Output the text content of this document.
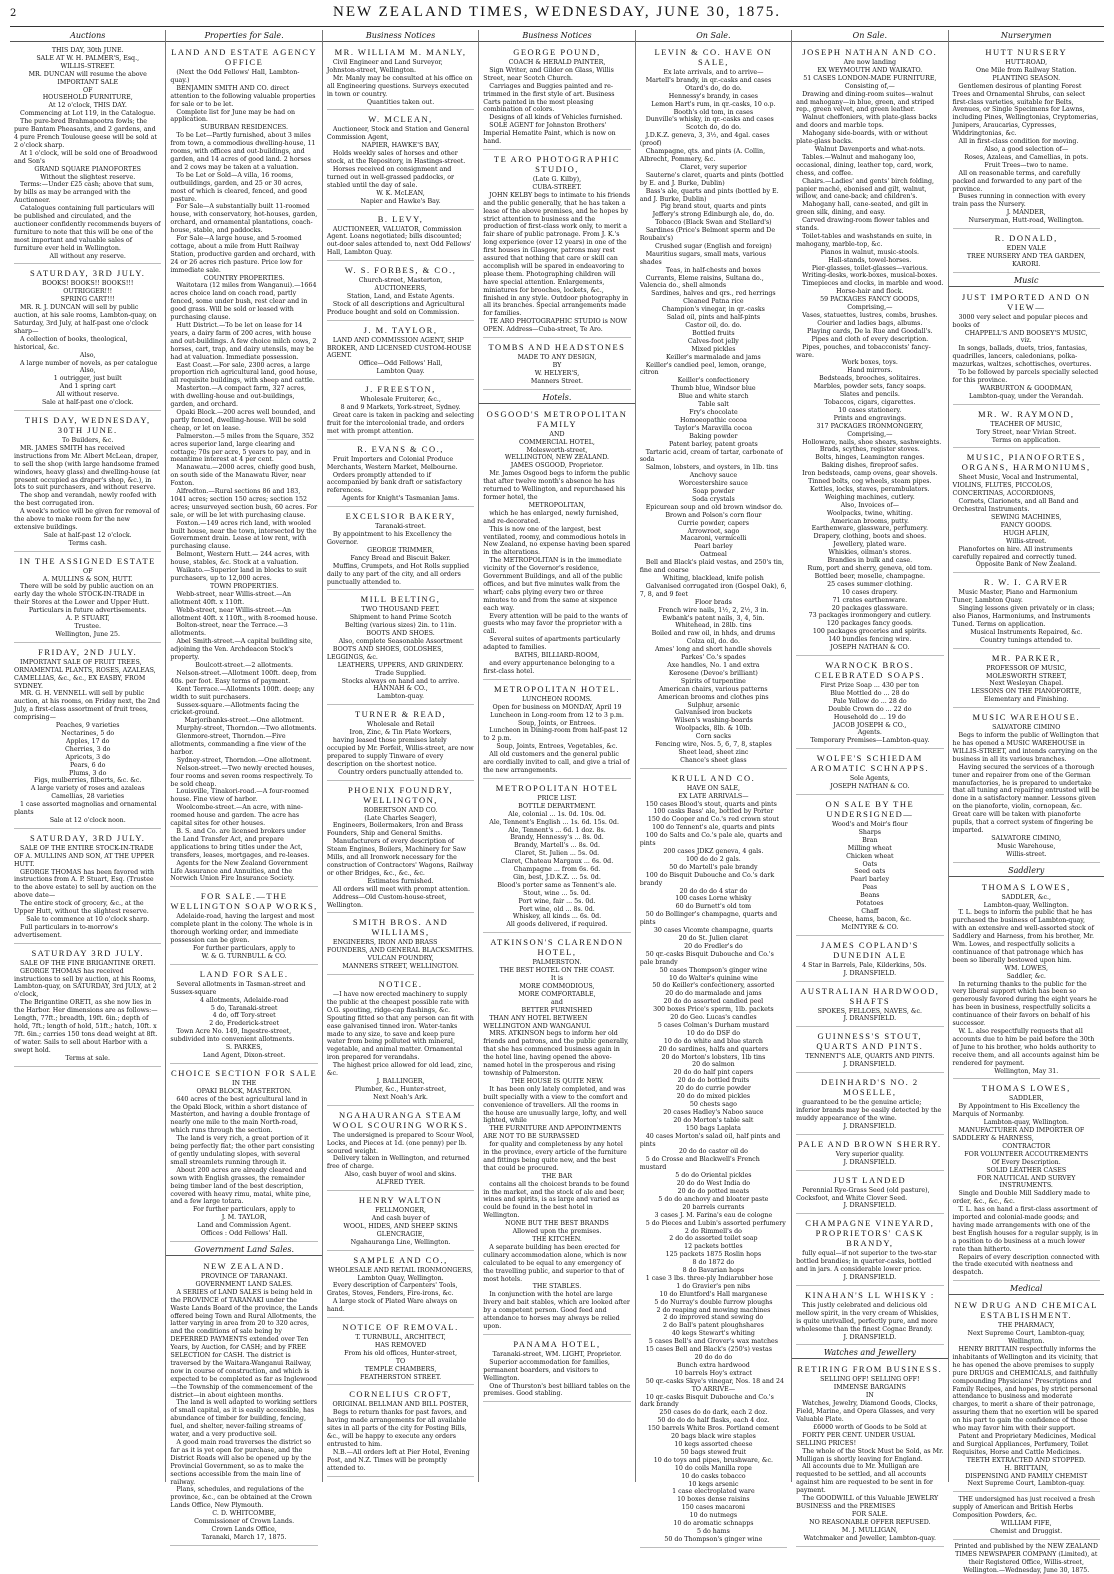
2	NEW ZEALAND TIMES, WEDNESDAY, JUNE 30, 1875.
Auctions
THIS DAY, 30th JUNE.
SALE AT W. H. PALMER'S, Esq.,
WILLIS-STREET.
MR. DUNCAN will resume the above
IMPORTANT SALE
OF
HOUSEHOLD FURNITURE,
At 12 o'clock, THIS DAY.
Commencing at Lot 119, in the Catalogue.
The pure-bred Brahmapootra fowls; the pure Bantam Pheasants, and 2 gardens, and 4 pure French Toulouse geese will be sold at 2 o'clock sharp.
At 1 o'clock, will be sold one of Broadwood and Son's
GRAND SQUARE PIANOFORTES
Without the slightest reserve.
Terms:—Under £25 cash; above that sum, by bills as may be arranged with the Auctioneer.
Catalogues containing full particulars will be published and circulated, and the auctioneer confidently recommends buyers of furniture to note that this will be one of the most important and valuable sales of furniture ever held in Wellington.
All without any reserve.
SATURDAY, 3RD JULY.
BOOKS! BOOKS!! BOOKS!!!
OUTRIGGER!!!
SPRING CART!!!
MR. R. J. DUNCAN will sell by public auction, at his sale rooms, Lambton-quay, on Saturday, 3rd July, at half-past one o'clock sharp—
A collection of books, theological, historical, &c.
Also,
A large number of novels, as per catalogue
Also,
1 outrigger, just built
And 1 spring cart
All without reserve.
Sale at half-past one o'clock.
THIS DAY, WEDNESDAY, 30TH JUNE.
To Builders, &c.
MR. JAMES SMITH has received instructions from Mr. Albert McLean, draper, to sell the shop (with large handsome framed windows, heavy glass) and dwelling-house (at present occupied as draper's shop, &c.), in lots to suit purchasers, and without reserve.
The shop and verandah, newly roofed with the best corrugated iron.
A week's notice will be given for removal of the above to make room for the new extensive buildings.
Sale at half-past 12 o'clock.
Terms cash.
IN THE ASSIGNED ESTATE
OF
A. MULLINS & SON, HUTT.
There will be sold by public auction on an early day the whole STOCK-IN-TRADE in their Stores at the Lower and Upper Hutt.
Particulars in future advertisements.
A. P. STUART,
Trustee.
Wellington, June 25.
FRIDAY, 2ND JULY.
IMPORTANT SALE OF FRUIT TREES, ORNAMENTAL PLANTS, ROSES, AZALEAS, CAMELLIAS, &c., &c., EX EASBY, FROM SYDNEY.
MR. G. H. VENNELL will sell by public auction, at his rooms, on Friday next, the 2nd July, a first-class assortment of fruit trees, comprising—
Peaches, 9 varieties
Nectarines, 5 do
Apples, 17 do
Cherries, 3 do
Apricots, 3 do
Pears, 6 do
Plums, 3 do
Figs, mulberries, filberts, &c. &c.
A large variety of roses and azaleas
Camellias, 28 varieties
1 case assorted magnolias and ornamental plants
Sale at 12 o'clock noon.
SATURDAY, 3RD JULY.
SALE OF THE ENTIRE STOCK-IN-TRADE OF A. MULLINS AND SON, AT THE UPPER HUTT.
GEORGE THOMAS has been favored with instructions from A. P. Stuart, Esq. (Trustee to the above estate) to sell by auction on the above date—
The entire stock of grocery, &c., at the Upper Hutt, without the slightest reserve.
Sale to commence at 10 o'clock sharp.
Full particulars in to-morrow's advertisement.
SATURDAY 3RD JULY.
SALE OF THE FINE BRIGANTINE ORETI.
GEORGE THOMAS has received instructions to sell by auction, at his Rooms, Lambton-quay, on SATURDAY, 3rd JULY, at 2 o'clock,
The Brigantine ORETI, as she now lies in the Harbor. Her dimensions are as follows:—Length, 77ft.; breadth, 19ft. 6in.; depth of hold, 7ft.; length of hold, 51ft.; hatch, 10ft. x 7ft. 6in.; carries 150 tons dead weight at 8ft. of water. Sails to sell about Harbor with a swept hold.
Terms at sale.
Properties for Sale.
LAND AND ESTATE AGENCY OFFICE
(Next the Odd Fellows' Hall, Lambton-quay.)
BENJAMIN SMITH AND CO. direct attention to the following valuable properties for sale or to be let.
Complete list for June may be had on application.
SUBURBAN RESIDENCES.
To be Let—Partly furnished, about 3 miles from town, a commodious dwelling-house, 11 rooms, with offices and out-buildings, and garden, and 14 acres of good land. 2 horses and 2 cows may be taken at a valuation.
To be Let or Sold—A villa, 16 rooms, outbuildings, garden, and 25 or 30 acres, most of which is cleared, fenced, and good pasture.
For Sale—A substantially built 11-roomed house, with conservatory, hot-houses, garden, orchard, and ornamental plantations, coach-house, stable, and paddocks.
For Sale—A large house, and 5-roomed cottage, about a mile from Hutt Railway Station, productive garden and orchard, with 24 or 26 acres rich pasture. Price low for immediate sale.
COUNTRY PROPERTIES.
Waitotara (12 miles from Wanganui).—1664 acres choice land on coach road, partly fenced, some under bush, rest clear and in good grass. Will be sold or leased with purchasing clause.
Hutt District.—To be let on lease for 14 years, a dairy farm of 200 acres, with house and out-buildings. A few choice milch cows, 2 horses, cart, trap, and dairy utensils, may be had at valuation. Immediate possession.
East Coast.—For sale, 2300 acres, a large proportion rich agricultural land, good house, all requisite buildings, with sheep and cattle.
Masterton.—A compact farm, 327 acres, with dwelling-house and out-buildings, garden, and orchard.
Opaki Block.—200 acres well bounded, and partly fenced, dwelling-house. Will be sold cheap, or let on lease.
Palmerston.—5 miles from the Square, 352 acres superior land, large clearing and cottage; 70s per acre, 5 years to pay, and in meantime interest at 4 per cent.
Manawatu.—2000 acres, chiefly good bush, on south side of the Manawatu River, near Foxton.
Alfredton.—Rural sections 86 and 183, 1041 acres; section 150 acres; section 152 acres; unsurveyed section bush, 60 acres. For sale, or will be let with purchasing clause.
Foxton.—149 acres rich land, with wooled built house, near the town, intersected by the Government drain. Lease at low rent, with purchasing clause.
Belmont, Western Hutt.— 244 acres, with house, stables, &c. Stock at a valuation.
Waikato.—Superior land in blocks to suit purchasers, up to 12,000 acres.
TOWN PROPERTIES.
Webb-street, near Willis-street.—An allotment 40ft. x 110ft.
Webb-street, near Willis-street.—An allotment 40ft. x 110ft., with 8-roomed house.
Bolton-street, near the Terrace.—3 allotments.
Abel Smith-street.—A capital building site, adjoining the Ven. Archdeacon Stock's property.
Boulcott-street.—2 allotments.
Nelson-street.—Allotment 100ft. deep, from 40s. per foot. Easy terms of payment.
Kent Terrace.—Allotments 100ft. deep; any width to suit purchasers.
Sussex-square.—Allotments facing the cricket-ground.
Marjoribanks-street.—One allotment.
Murphy-street, Thorndon.—Two allotments.
Glenmore-street, Thorndon.—Five allotments, commanding a fine view of the harbor.
Sydney-street, Thorndon.—One allotment.
Nelson-street.—Two newly erected houses, four rooms and seven rooms respectively. To be sold cheap.
Louisville, Tinakori-road.—A four-roomed house. Fine view of harbor.
Woolcombe-street.—An acre, with nine-roomed house and garden. The acre has capital sites for other houses.
B. S. and Co. are licensed brokers under the Land Transfer Act, and prepare applications to bring titles under the Act, transfers, leases, mortgages, and re-leases.
Agents for the New Zealand Government Life Assurance and Annuities, and the Norwich Union Fire Insurance Society.
FOR SALE.—THE WELLINGTON SOAP WORKS,
Adelaide-road, having the largest and most complete plant in the colony. The whole is in thorough working order, and immediate possession can be given.
For further particulars, apply to
W. & G. TURNBULL & CO.
LAND FOR SALE.
Several allotments in Tasman-street and Sussex-square
4 allotments, Adelaide-road
5 do, Taranaki-street
4 do, off Tory-street
2 do, Frederick-street
Town Acre No. 149, Ingestre-street, subdivided into convenient allotments.
S. PARKES,
Land Agent, Dixon-street.
CHOICE SECTION FOR SALE
IN THE
OPAKI BLOCK, MASTERTON.
640 acres of the best agricultural land in the Opaki Block, within a short distance of Masterton, and having a double frontage of nearly one mile to the main North-road, which runs through the section.
The land is very rich, a great portion of it being perfectly flat; the other part consisting of gently undulating slopes, with several small streamlets running through it.
About 200 acres are already cleared and sown with English grasses, the remainder being timber land of the best description, covered with heavy rimu, matai, white pine, and a few large totara.
For further particulars, apply to
J. M. TAYLOR,
Land and Commission Agent.
Offices : Odd Fellows' Hall.
Government Land Sales.
NEW ZEALAND.
PROVINCE OF TARANAKI.
GOVERNMENT LAND SALES.
A SERIES of LAND SALES is being held in the PROVINCE of TARANAKI under the Waste Lands Board of the province, the Lands offered being Town and Rural Allotments, the latter varying in area from 20 to 320 acres, and the conditions of sale being by DEFERRED PAYMENTS extended over Ten Years, by Auction, for CASH; and by FREE SELECTION for CASH. The district is traversed by the Waitara-Wanganui Railway, now in course of construction, and which is expected to be completed as far as Inglewood—the Township of the commencement of the district—in about eighteen months.
The land is well adapted to working settlers of small capital, as it is easily accessible, has abundance of timber for building, fencing, fuel, and shelter, never-failing streams of water, and a very productive soil.
A good main road traverses the district so far as it is yet open for purchase, and the District Roads will also be opened up by the Provincial Government, so as to make the sections accessible from the main line of railway.
Plans, schedules, and regulations of the province, &c., can be obtained at the Crown Lands Office, New Plymouth.
C. D. WHITCOMBE,
Commissioner of Crown Lands.
Crown Lands Office,
Taranaki, March 17, 1875.
Business Notices
MR. WILLIAM M. MANLY,
Civil Engineer and Land Surveyor, Johnston-street, Wellington.
Mr. Manly may be consulted at his office on all Engineering questions. Surveys executed in town or country.
Quantities taken out.
W. MCLEAN,
Auctioneer, Stock and Station and General Commission Agent,
NAPIER, HAWKE'S BAY,
Holds weekly sales of horses and other stock, at the Repository, in Hastings-street.
Horses received on consignment and turned out in well-grassed paddocks, or stabled until the day of sale.
W. K. McLEAN,
Napier and Hawke's Bay.
B. LEVY,
AUCTIONEER, VALUATOR, Commission Agent. Loans negotiated; bills discounted; out-door sales attended to, next Odd Fellows' Hall, Lambton Quay.
W. S. FORBES, & CO.,
Church-street, Masterton,
AUCTIONEERS,
Station, Land, and Estate Agents.
Stock of all descriptions and Agricultural Produce bought and sold on Commission.
J. M. TAYLOR,
LAND AND COMMISSION AGENT, SHIP BROKER, AND LICENSED CUSTOM-HOUSE AGENT.
Office—Odd Fellows' Hall,
Lambton Quay.
J. FREESTON,
Wholesale Fruiterer, &c.,
8 and 9 Markets, York-street, Sydney.
Great care is taken in packing and selecting fruit for the intercolonial trade, and orders met with prompt attention.
R. EVANS & CO.,
Fruit Importers and Colonial Produce Merchants, Western Market, Melbourne.
Orders promptly attended to if accompanied by bank draft or satisfactory references.
Agents for Knight's Tasmanian Jams.
EXCELSIOR BAKERY,
Taranaki-street.
By appointment to his Excellency the Governor.
GEORGE TRIMMER,
Fancy Bread and Biscuit Baker.
Muffins, Crumpets, and Hot Rolls supplied daily to any part of the city, and all orders punctually attended to.
MILL BELTING,
TWO THOUSAND FEET.
Shipment to hand Prime Scotch
Belting (various sizes) 2in. to 11in.
BOOTS AND SHOES.
Also, complete Seasonable Assortment
BOOTS AND SHOES, GOLOSHES, LEGGINGS, &c.
LEATHERS, UPPERS, AND GRINDERY.
Trade Supplied.
Stocks always on hand and to arrive.
HANNAH & CO.,
Lambton-quay.
TURNER & READ,
Wholesale and Retail
Iron, Zinc, & Tin Plate Workers,
having leased those premises lately occupied by Mr. Forfeit, Willis-street, are now prepared to supply Tinware of every description on the shortest notice.
Country orders punctually attended to.
PHOENIX FOUNDRY, WELLINGTON,
ROBERTSON AND CO.
(Late Charles Seager),
Engineers, Boilermakers, Iron and Brass Founders, Ship and General Smiths.
Manufacturers of every description of Steam Engines, Boilers, Machinery for Saw Mills, and all Ironwork necessary for the construction of Contractors' Wagons, Railway or other Bridges, &c., &c., &c.
Estimates furnished.
All orders will meet with prompt attention.
Address—Old Custom-house-street, Wellington.
SMITH BROS. AND WILLIAMS,
ENGINEERS, IRON AND BRASS FOUNDERS, AND GENERAL BLACKSMITHS.
VULCAN FOUNDRY,
MANNERS STREET, WELLINGTON.
NOTICE.
—I have now erected machinery to supply the public at the cheapest possible rate with O.G. spouting, ridge-cap flashings, &c. Spouting fitted so that any person can fit with ease galvanised tinned iron. Water-tanks made to any size, to save and keep pure water from being polluted with mineral, vegetable, and animal matter. Ornamental iron prepared for verandahs.
The highest price allowed for old lead, zinc, &c.
J. BALLINGER,
Plumber, &c., Hunter-street,
Next Noah's Ark.
NGAHAURANGA STEAM WOOL SCOURING WORKS.
The undersigned is prepared to Scour Wool, Locks, and Pieces at 1d. (one penny) per lb. scoured weight.
Delivery taken in Wellington, and returned free of charge.
Also, cash buyer of wool and skins.
ALFRED TYER.
HENRY WALTON
FELLMONGER,
And cash buyer of
WOOL, HIDES, AND SHEEP SKINS
GLENCRAGIE,
Ngahauranga Line, Wellington.
SAMPLE AND CO.,
WHOLESALE AND RETAIL IRONMONGERS,
Lambton Quay, Wellington.
Every description of Carpenters' Tools, Grates, Stoves, Fenders, Fire-irons, &c.
A large stock of Plated Ware always on hand.
NOTICE OF REMOVAL.
T. TURNBULL, ARCHITECT,
HAS REMOVED
From his old offices, Hunter-street,
TO
TEMPLE CHAMBERS,
FEATHERSTON STREET.
CORNELIUS CROFT,
ORIGINAL BELLMAN AND BILL POSTER,
Begs to return thanks for past favors, and having made arrangements for all available sites in all parts of the city for Posting Bills, &c., will be happy to execute any orders entrusted to him.
N.B.—All orders left at Pier Hotel, Evening Post, and N.Z. Times will be promptly attended to.
Business Notices
GEORGE POUND,
COACH & HERALD PAINTER,
Sign Writer, and Gilder on Glass, Willis Street, near Scotch Church.
Carriages and Buggies painted and re-trimmed in the first style of art. Business Carts painted in the most pleasing combination of colors.
Designs of all kinds of Vehicles furnished.
SOLE AGENT for Johnston Brothers' Imperial Hematite Paint, which is now on hand.
TE ARO PHOTOGRAPHIC STUDIO,
(Late G. Kilby),
CUBA-STREET.
JOHN KELBY begs to intimate to his friends and the public generally, that he has taken a lease of the above premises, and he hopes by strict attention to business and the production of first-class work only, to merit a fair share of public patronage. From J. K.'s long experience (over 12 years) in one of the first houses in Glasgow, patrons may rest assured that nothing that care or skill can accomplish will be spared in endeavoring to please them. Photographing children will have special attention. Enlargements, miniatures for brooches, lockets, &c., finished in any style. Outdoor photography in all its branches. Special arrangements made for families.
TE ARO PHOTOGRAPHIC STUDIO is NOW OPEN. Address—Cuba-street, Te Aro.
TOMBS AND HEADSTONES
MADE TO ANY DESIGN,
BY
W. HELYER'S,
Manners Street.
Hotels.
OSGOOD'S METROPOLITAN FAMILY
AND
COMMERCIAL HOTEL,
Molesworth-street,
WELLINGTON, NEW ZEALAND.
JAMES OSGOOD, Proprietor.
Mr. James Osgood begs to inform the public that after twelve month's absence he has returned to Wellington, and repurchased his former hotel, the
METROPOLITAN,
which he has enlarged, newly furnished, and re-decorated.
This is now one of the largest, best ventilated, roomy, and commodious hotels in New Zealand, no expense having been spared in the alterations.
The METROPOLITAN is in the immediate vicinity of the Governor's residence, Government Buildings, and all of the public offices, and but five minutes walk from the wharf; cabs plying every two or three minutes to and from the same at sixpence each way.
Every attention will be paid to the wants of guests who may favor the proprietor with a call.
Several suites of apartments particularly adapted to families.
BATHS, BILLIARD-ROOM,
and every appurtenance belonging to a first-class hotel.
METROPOLITAN HOTEL.
LUNCHEON ROOMS.
Open for business on MONDAY, April 19
Luncheon in Long-room from 12 to 3 p.m.
Soup, Joints, or Entrees.
Luncheon in Dining-room from half-past 12 to 2 p.m.
Soup, Joints, Entrees, Vegetables, &c.
All old customers and the general public are cordially invited to call, and give a trial of the new arrangements.
METROPOLITAN HOTEL
PRICE LIST.
BOTTLE DEPARTMENT.
Ale, colonial ... 1s. 0d. 10s. 0d.
Ale, Tennent's English ... 1s. 6d. 15s. 0d.
Ale, Tennent's ... 6d. 1 doz. 8s.
Brandy, Hennessy's ... 8s. 0d.
Brandy, Martell's ... 8s. 0d.
Claret, St. Julien ... 5s. 0d.
Claret, Chateau Margaux ... 6s. 0d.
Champagne ... from 6s. 6d.
Gin, best, J.D.K.Z. ... 5s. 0d.
Blood's porter same as Tennent's ale.
Stout, wine ... 5s. 0d.
Port wine, fair ... 5s. 0d.
Port wine, old ... 8s. 0d.
Whiskey, all kinds ... 6s. 0d.
All goods delivered, if required.
ATKINSON'S CLARENDON HOTEL,
PALMERSTON.
THE BEST HOTEL ON THE COAST.
It is
MORE COMMODIOUS,
MORE COMFORTABLE,
and
BETTER FURNISHED
THAN ANY HOTEL BETWEEN WELLINGTON AND WANGANUI.
MRS. ATKINSON begs to inform her old friends and patrons, and the public generally, that she has commenced business again in the hotel line, having opened the above-named hotel in the prosperous and rising township of Palmerston.
THE HOUSE IS QUITE NEW.
It has been only lately completed, and was built specially with a view to the comfort and convenience of travellers. All the rooms in the house are unusually large, lofty, and well lighted, while
THE FURNITURE AND APPOINTMENTS ARE NOT TO BE SURPASSED
for quality and completeness by any hotel in the province, every article of the furniture and fittings being quite new, and the best that could be procured.
THE BAR
contains all the choicest brands to be found in the market, and the stock of ale and beer, wines and spirits, is as large and varied as could be found in the best hotel in Wellington.
NONE BUT THE BEST BRANDS
Allowed upon the premises.
THE KITCHEN.
A separate building has been erected for culinary accommodation alone, which is now calculated to be equal to any emergency of the travelling public, and superior to that of most hotels.
THE STABLES.
In conjunction with the hotel are large livery and bait stables, which are looked after by a competent person. Good feed and attendance to horses may always be relied upon.
PANAMA HOTEL,
Taranaki-street, WM. LIGHT, Proprietor.
Superior accommodation for families, permanent boarders, and visitors to Wellington.
One of Thurston's best billiard tables on the premises. Good stabling.
On Sale.
LEVIN & CO. HAVE ON SALE,
Ex late arrivals, and to arrive—
Martell's brandy, in qr.-casks and cases
Otard's do, do do.
Hennessy's brandy, in cases
Lemon Hart's rum, in qr.-casks, 10 o.p.
Booth's old tom, in cases
Dunville's whisky, in qr.-casks and cases
Scotch do, do do.
J.D.K.Z. geneva, 3, 3½, and 4gal. cases (proof)
Champagne, qts. and pints (A. Collin, Albrecht, Pommery, &c.
Claret, very superior
Sauterne's claret, quarts and pints (bottled by E. and J. Burke, Dublin)
Bass's ale, quarts and pints (bottled by E. and J. Burke, Dublin)
Pig brand stout, quarts and pints
Jeffery's strong Edinburgh ale, do, do.
Tobacco (Black Swan and Stellard's)
Sardines (Price's Belmont sperm and De Roubaix's)
Crushed sugar (English and foreign)
Mauritius sugars, small mats, various shades
Teas, in half-chests and boxes
Currants, Eleme raisins, Sultana do., Valencia do., shell almonds
Sardines, halves and qrs., red herrings
Cleaned Patna rice
Champion's vinegar, in qr.-casks
Salad oil, pints and half-pints
Castor oil, do. do.
Bottled fruits
Calves-foot jelly
Mixed pickles
Keiller's marmalade and jams
Keiller's candied peel, lemon, orange, citron
Keiller's confectionery
Thumb blue, Windsor blue
Blue and white starch
Table salt
Fry's chocolate
Homoeopathic cocoa
Taylor's Maravilla cocoa
Baking powder
Patent barley, patent groats
Tartaric acid, cream of tartar, carbonate of soda
Salmon, lobsters, and oysters, in 1lb. tins
Anchovy sauce
Worcestershire sauce
Soap powder
Soda crystals
Epicurean soup and old brown windsor do.
Brown and Polson's corn flour
Currie powder, capers
Arrowroot, sago
Macaroni, vermicelli
Pearl barley
Oatmeal
Bell and Black's plaid vestas, and 250's tin, fine and coarse
Whiting, blacklead, knife polish
Galvanised corrugated iron (Gospel Oak), 6, 7, 8, and 9 feet
Floor brads
French wire nails, 1½, 2, 2½, 3 in.
Ewbank's patent nails, 3, 4, 5in.
Whitehead, in 28lb. tins
Boiled and raw oil, in hhds, and drums
Colza oil, do. do.
Ames' long and short handle shovels
Parkes' Co.'s spades
Axe handles, No. 1 and extra
Kerosene (Devoe's brilliant)
Spirits of turpentine
American chairs, various patterns
American brooms and clothes pins
Sulphur, arsenic
Galvanised iron buckets
Wilsen's washing-boards
Woolpacks, 8lb. & 10lb.
Corn sacks
Fencing wire, Nos. 5, 6, 7, 8, staples
Sheet lead, sheet zinc
Chance's sheet glass
KRULL AND CO.
HAVE ON SALE,
EX LATE ARRIVALS—
150 cases Blood's stout, quarts and pints
100 casks Bass' ale, bottled by Porter
150 do Cooper and Co.'s red crown stout
100 do Tennent's ale, quarts and pints
100 do Salts and Co.'s pale ale, quarts and pints
200 cases JDKZ geneva, 4 gals.
100 do do 2 gals.
50 do Martell's pale brandy
100 do Bisquit Dubouche and Co.'s dark brandy
20 do do do 4 star do
100 cases Lorne whisky
60 do Burnett's old tom
50 do Bollinger's champagne, quarts and pints
30 cases Vicomte champagne, quarts
20 do St. Julien claret
20 do Fredler's do
50 qr.-casks Bisquit Dubouche and Co.'s pale brandy
50 cases Thompson's ginger wine
10 do Walter's quinine wine
50 do Keiller's confectionery, assorted
20 do do marmalade and jams
20 do do assorted candied peel
300 boxes Price's sperm, 1lb. packets
20 do Geo. Lucas's candles
5 cases Colman's Durham mustard
10 do do DSF do
10 do do white and blue starch
20 do sardines, halfs and quarters
20 do Morton's lobsters, 1lb tins
20 do salmon
20 do do half pint capers
20 do do bottled fruits
20 do do currie powder
20 do do mixed pickles
50 chests sago
20 cases Hadley's Naboo sauce
20 do Morton's table salt
150 bags Laplata
40 cases Morton's salad oil, half pints and pints
20 do do castor oil do
5 do Crosse and Blackwell's French mustard
5 do do Oriental pickles
20 do do West India do
20 do do potted meats
5 do do anchovy and bloater paste
20 barrels currants
3 cases J. M. Farina's eau de cologne
5 do Pieces and Lubin's assorted perfumery
2 do Rimmell's do
2 do do assorted toilet soap
12 packets bottles
125 packets 1875 Roslin hops
8 do 1872 do
8 do Bavarian hops
1 case 3 lbs. three-ply Indiarubber hose
1 do Gravier's pen nibs
10 do Eluntford's Hall marganese
5 do Nurray's double furrow ploughs
2 do reaping and mowing machines
2 do improved stand sewing do
2 do Ball's patent ploughshares
40 kegs Stewart's whiting
5 cases Bell's and Grover's wax matches
15 cases Bell and Black's (250's) vestas
20 do do do
Bunch extra hardwood
10 barrels Hoy's extract
50 qr.-casks Skye's vinegar, Nos. 18 and 24
TO ARRIVE—
10 qr.-casks Bisquit Dubouche and Co.'s dark brandy
250 cases do do dark, each 2 doz.
50 do do do half flasks, each 4 doz.
150 barrels White Bros. Portland cement
20 bags black wire staples
10 kegs assorted cheese
50 bags stewed fruit
10 do toys and pipes, brushware, &c.
10 do coils Manilla rope
10 do casks tobacco
10 kegs arsenic
1 case electroplated ware
10 boxes dense raisins
150 cases macaroni
10 do nutmegs
10 do aromatic schnapps
5 do hams
50 do Thompson's ginger wine
On Sale.
JOSEPH NATHAN AND CO.
Are now landing
EX WEYMOUTH AND WAIKATO.
51 CASES LONDON-MADE FURNITURE,
Consisting of,—
Drawing and dining-room suites—walnut and mahogany—in blue, green, and striped rep., green velvet, and green leather.
Walnut cheffoniers, with plate-glass backs and doors and marble tops.
Mahogany side-boards, with or without plate-glass backs.
Walnut Davenports and what-nots.
Tables.—Walnut and mahogany loo, occasional, dining, leather top, card, work, chess, and coffee.
Chairs.—Ladies' and gents' birch folding, papier maché, ebonised and gilt, walnut, willow, and cane-back; and children's.
Mahogany hall, cane-seated, and gilt in green silk, dining, and easy.
Carved drawing-room flower tables and stands.
Toilet-tables and washstands en suite, in mahogany, marble-top, &c.
Pianos in walnut, music-stools.
Hall-stands, towel-horses.
Pier-glasses, toilet-glasses—various.
Writing-desks, work-boxes, musical-boxes.
Timepieces and clocks, in marble and wood.
Horse-hair and flock.
59 PACKAGES FANCY GOODS,
Comprising,—
Vases, statuettes, lustres, combs, brushes.
Courier and ladies bags, albums.
Playing cards, De la Rue and Goodall's.
Pipes and cloth of every description.
Pipes, pouches, and tobacconists' fancy-ware.
Work boxes, toys.
Hand mirrors.
Bedsteads, brooches, solitaires.
Marbles, powder sets, fancy soaps.
Slates and pencils.
Tobaccos, cigars, cigarettes.
10 cases stationery.
Prints and engravings.
317 PACKAGES IRONMONGERY,
Comprising,—
Holloware, nails, shoe shears, sashweights.
Brads, scythes, register stoves.
Bolts, hinges, Leamington ranges.
Baking dishes, fireproof safes.
Iron bedsteads, camp ovens, gear shovels.
Tinned bolts, cog wheels, steam pipes.
Kettles, locks, staves, perambulators.
Weighing machines, cutlery.
Also, Invoices of—
Woolpacks, twine, whiting.
American brooms, putty.
Earthenware, glassware, perfumery.
Drapery, clothing, boots and shoes.
Jewellery, plated ware.
Whiskies, oilman's stores.
Brandies in bulk and case.
Rum, port and sherry, geneva, old tom.
Bottled beer, moselle, champagne.
25 cases summer clothing.
10 cases drapery.
71 crates earthenware.
20 packages glassware.
73 packages ironmongery and cutlery.
120 packages fancy goods.
100 packages groceries and spirits.
140 bundles fencing wire.
JOSEPH NATHAN & CO.
WARNOCK BROS. CELEBRATED SOAPS.
First Prize Soap ... 430 per ton
Blue Mottled do ... 28 do
Pale Yellow do ... 28 do
Double Crown do ... 22 do
Household do ... 19 do
JACOB JOSEPH & CO.,
Agents.
Temporary Premises—Lambton-quay.
WOLFE'S SCHIEDAM AROMATIC SCHNAPPS.
Sole Agents,
JOSEPH NATHAN & CO.
ON SALE BY THE UNDERSIGNED—
Wood's and Moir's flour
Sharps
Bran
Milling wheat
Chicken wheat
Oats
Seed oats
Pearl barley
Peas
Beans
Potatoes
Chaff
Cheese, hams, bacon, &c.
McINTYRE & CO.
JAMES COPLAND'S DUNEDIN ALE
4 Star in Barrels, Pale, Kilderkins, 50s.
J. DRANSFIELD.
AUSTRALIAN HARDWOOD, SHAFTS
SPOKES, FELLOES, NAVES, &c.
J. DRANSFIELD.
GUINNESS'S STOUT, QUARTS AND PINTS.
TENNENT'S ALE, QUARTS AND PINTS.
J. DRANSFIELD.
DEINHARD'S NO. 2 MOSELLE,
guaranteed to be the genuine article; inferior brands may be easily detected by the muddy appearance of the wine.
J. DRANSFIELD.
PALE AND BROWN SHERRY.
Very superior quality.
J. DRANSFIELD.
JUST LANDED
Perennial Rye-Grass Seed (old pasture), Cocksfoot, and White Clover Seed.
J. DRANSFIELD.
CHAMPAGNE VINEYARD, PROPRIETORS' CASK BRANDY,
fully equal—if not superior to the two-star bottled brandies; in quarter-casks, bottled and in jars. A considerable lower price.
J. DRANSFIELD.
KINAHAN'S LL WHISKY :
This justly celebrated and delicious old mellow spirit, in the very cream of Whiskies, is quite unrivalled, perfectly pure, and more wholesome than the finest Cognac Brandy.
J. DRANSFIELD.
Watches and Jewellery
RETIRING FROM BUSINESS.
SELLING OFF! SELLING OFF!
IMMENSE BARGAINS
IN
Watches, Jewelry, Diamond Goods, Clocks, Field, Marine, and Opera Glasses, and very Valuable Plate.
£6000 worth of Goods to be Sold at
FORTY PER CENT. UNDER USUAL SELLING PRICES!
The whole of the Stock Must be Sold, as Mr. Mulligan is shortly leaving for England.
All accounts due to Mr. Mulligan are requested to be settled, and all accounts against him are requested to be sent in for payment.
The GOODWILL of this Valuable JEWELRY BUSINESS and the PREMISES
FOR SALE.
NO REASONABLE OFFER REFUSED.
M. J. MULLIGAN,
Watchmaker and Jeweller, Lambton-quay.
Nurserymen
HUTT NURSERY
HUTT-ROAD,
One Mile from Railway Station.
PLANTING SEASON.
Gentlemen desirous of planting Forest Trees and Ornamental Shrubs, can select first-class varieties, suitable for Belts, Avenues, or Single Specimens for Lawns, including Pines, Wellingtonias, Cryptomerias, Junipers, Araucarias, Cypresses, Widdringtonias, &c.
All in first-class condition for moving.
Also, a good selection of—
Roses, Azaleas, and Camellias, in pots.
Fruit Trees—two to name.
All on reasonable terms, and carefully packed and forwarded to any part of the province.
Buses running in connection with every train pass the Nursery.
J. MANDER,
Nurseryman, Hutt-road, Wellington.
R. DONALD,
EDEN VALE
TREE NURSERY AND TEA GARDEN,
KARORI.
Music
JUST IMPORTED AND ON VIEW—
3000 very select and popular pieces and books of
CHAPPELL'S AND BOOSEY'S MUSIC,
viz.
In songs, ballads, duets, trios, fantasias, quadrilles, lancers, caledonians, polka-mazurkas, waltzes, schottisches, overtures.
To be followed by parcels specially selected for this province.
WARBURTON & GOODMAN,
Lambton-quay, under the Verandah.
MR. W. RAYMOND,
TEACHER OF MUSIC,
Tory Street, near Vivian Street.
Terms on application.
MUSIC, PIANOFORTES, ORGANS, HARMONIUMS,
Sheet Music, Vocal and Instrumental, VIOLINS, FLUTES, PICCOLOS, CONCERTINAS, ACCORDIONS,
Cornets, Clarionets, and all Band and Orchestral Instruments.
SEWING MACHINES,
FANCY GOODS.
HUGH AFLIN,
Willis-street.
Pianofortes on hire. All instruments carefully repaired and correctly tuned.
Opposite Bank of New Zealand.
R. W. I. CARVER
Music Master, Piano and Harmonium Tuner, Lambton Quay.
Singing lessons given privately or in class; also Pianos, Harmoniums, and Instruments Tuned. Terms on application.
Musical Instruments Repaired, &c.
Country tunings attended to.
MR. PARKER,
PROFESSOR OF MUSIC,
MOLESWORTH STREET,
Next Wesleyan Chapel.
LESSONS ON THE PIANOFORTE,
Elementary and Finishing.
MUSIC WAREHOUSE.
SALVATORE CIMINO
Begs to inform the public of Wellington that he has opened a MUSIC WAREHOUSE in WILLIS-STREET, and intends carrying on the business in all its various branches.
Having secured the services of a thorough tuner and repairer from one of the German manufactories, he is prepared to undertake that all tuning and repairing entrusted will be done in a satisfactory manner. Lessons given on the pianoforte, violin, cornopean, &c. Great care will be taken with pianoforte pupils, that a correct system of fingering be imparted.
SALVATORE CIMINO,
Music Warehouse,
Willis-street.
Saddlery
THOMAS LOWES,
SADDLER, &c.,
Lambton-quay, Wellington.
T. L. begs to inform the public that he has purchased the business of Lambton-quay, with an extensive and well-assorted stock of Saddlery and Harness, from his brother, Mr. Wm. Lowes, and respectfully solicits a continuance of that patronage which has been so liberally bestowed upon him.
WM. LOWES,
Saddler, &c.
In returning thanks to the public for the very liberal support which has been so generously favored during the eight years he has been in business, respectfully solicits a continuance of their favors on behalf of his successor.
W. L. also respectfully requests that all accounts due to him be paid before the 30th of June to his brother, who holds authority to receive them, and all accounts against him be rendered for payment.
Wellington, May 31.
THOMAS LOWES,
SADDLER,
By Appointment to His Excellency the Marquis of Normanby.
Lambton-quay, Wellington.
MANUFACTURER AND IMPORTER OF SADDLERY & HARNESS,
CONTRACTOR
FOR VOLUNTEER ACCOUTREMENTS
Of Every Description.
SOLID LEATHER CASES
FOR NAUTICAL AND SURVEY INSTRUMENTS.
Single and Double Mill Saddlery made to order, &c., &c., &c.
T. L. has on hand a first-class assortment of imported and colonial-made goods; and having made arrangements with one of the best English houses for a regular supply, is in a position to do business at a much lower rate than hitherto.
Repairs of every description connected with the trade executed with neatness and despatch.
Medical
NEW DRUG AND CHEMICAL ESTABLISHMENT.
THE PHARMACY,
Next Supreme Court, Lambton-quay,
Wellington.
HENRY BRITTAIN respectfully informs the inhabitants of Wellington and its vicinity, that he has opened the above premises to supply pure DRUGS and CHEMICALS, and faithfully compounding Physicians' Prescriptions and Family Recipes, and hopes, by strict personal attendance to business and moderate charges, to merit a share of their patronage, assuring them that no exertion will be spared on his part to gain the confidence of those who may favor him with their support.
Patent and Proprietary Medicines, Medical and Surgical Appliances, Perfumery, Toilet Requisites, Horse and Cattle Medicines.
TEETH EXTRACTED AND STOPPED.
H. BRITTAIN,
DISPENSING AND FAMILY CHEMIST
Next Supreme Court, Lambton-quay.
THE undersigned has just received a fresh supply of American and British Herbs Composition Powders, &c.
WILLIAM FIFE,
Chemist and Druggist.
Printed and published by the NEW ZEALAND TIMES NEWSPAPER COMPANY (Limited), at their Registered Office, Willis-street, Wellington.—Wednesday, June 30, 1875.
